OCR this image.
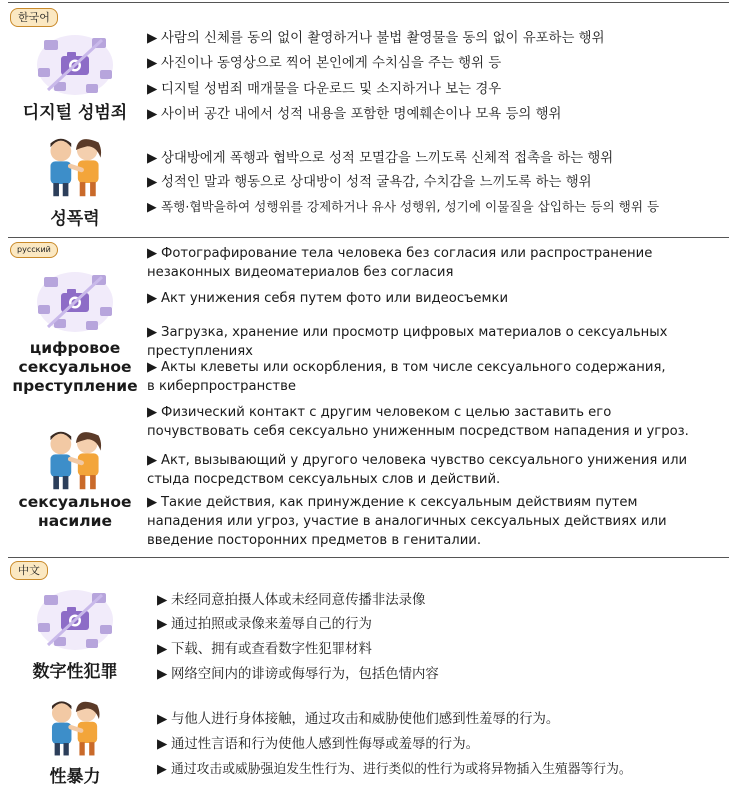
한국어
디지털 성범죄
▶ 사람의 신체를 동의 없이 촬영하거나 불법 촬영물을 동의 없이 유포하는 행위
▶ 사진이나 동영상으로 찍어 본인에게 수치심을 주는 행위 등
▶ 디지털 성범죄 매개물을 다운로드 및 소지하거나 보는 경우
▶ 사이버 공간 내에서 성적 내용을 포함한 명예훼손이나 모욕 등의 행위
성폭력
▶ 상대방에게 폭행과 협박으로 성적 모멸감을 느끼도록 신체적 접촉을 하는 행위
▶ 성적인 말과 행동으로 상대방이 성적 굴욕감, 수치감을 느끼도록 하는 행위
▶ 폭행·협박을하여 성행위를 강제하거나 유사 성행위, 성기에 이물질을 삽입하는 등의 행위 등
русский
цифровое
сексуальное
преступление
▶ Фотографирование тела человека без согласия или распространение
незаконных видеоматериалов без согласия
▶ Акт унижения себя путем фото или видеосъемки
▶ Загрузка, хранение или просмотр цифровых материалов о сексуальных
преступлениях
▶ Акты клеветы или оскорбления, в том числе сексуального содержания,
в киберпространстве
сексуальное
насилие
▶ Физический контакт с другим человеком с целью заставить его
почувствовать себя сексуально униженным посредством нападения и угроз.
▶ Акт, вызывающий у другого человека чувство сексуального унижения или
стыда посредством сексуальных слов и действий.
▶ Такие действия, как принуждение к сексуальным действиям путем
нападения или угроз, участие в аналогичных сексуальных действиях или
введение посторонних предметов в гениталии.
中文
数字性犯罪
▶ 未经同意拍摄人体或未经同意传播非法录像
▶ 通过拍照或录像来羞辱自己的行为
▶ 下载、拥有或查看数字性犯罪材料
▶ 网络空间内的诽谤或侮辱行为，包括色情内容
性暴力
▶ 与他人进行身体接触，通过攻击和威胁使他们感到性羞辱的行为。
▶ 通过性言语和行为使他人感到性侮辱或羞辱的行为。
▶ 通过攻击或威胁强迫发生性行为、进行类似的性行为或将异物插入生殖器等行为。
